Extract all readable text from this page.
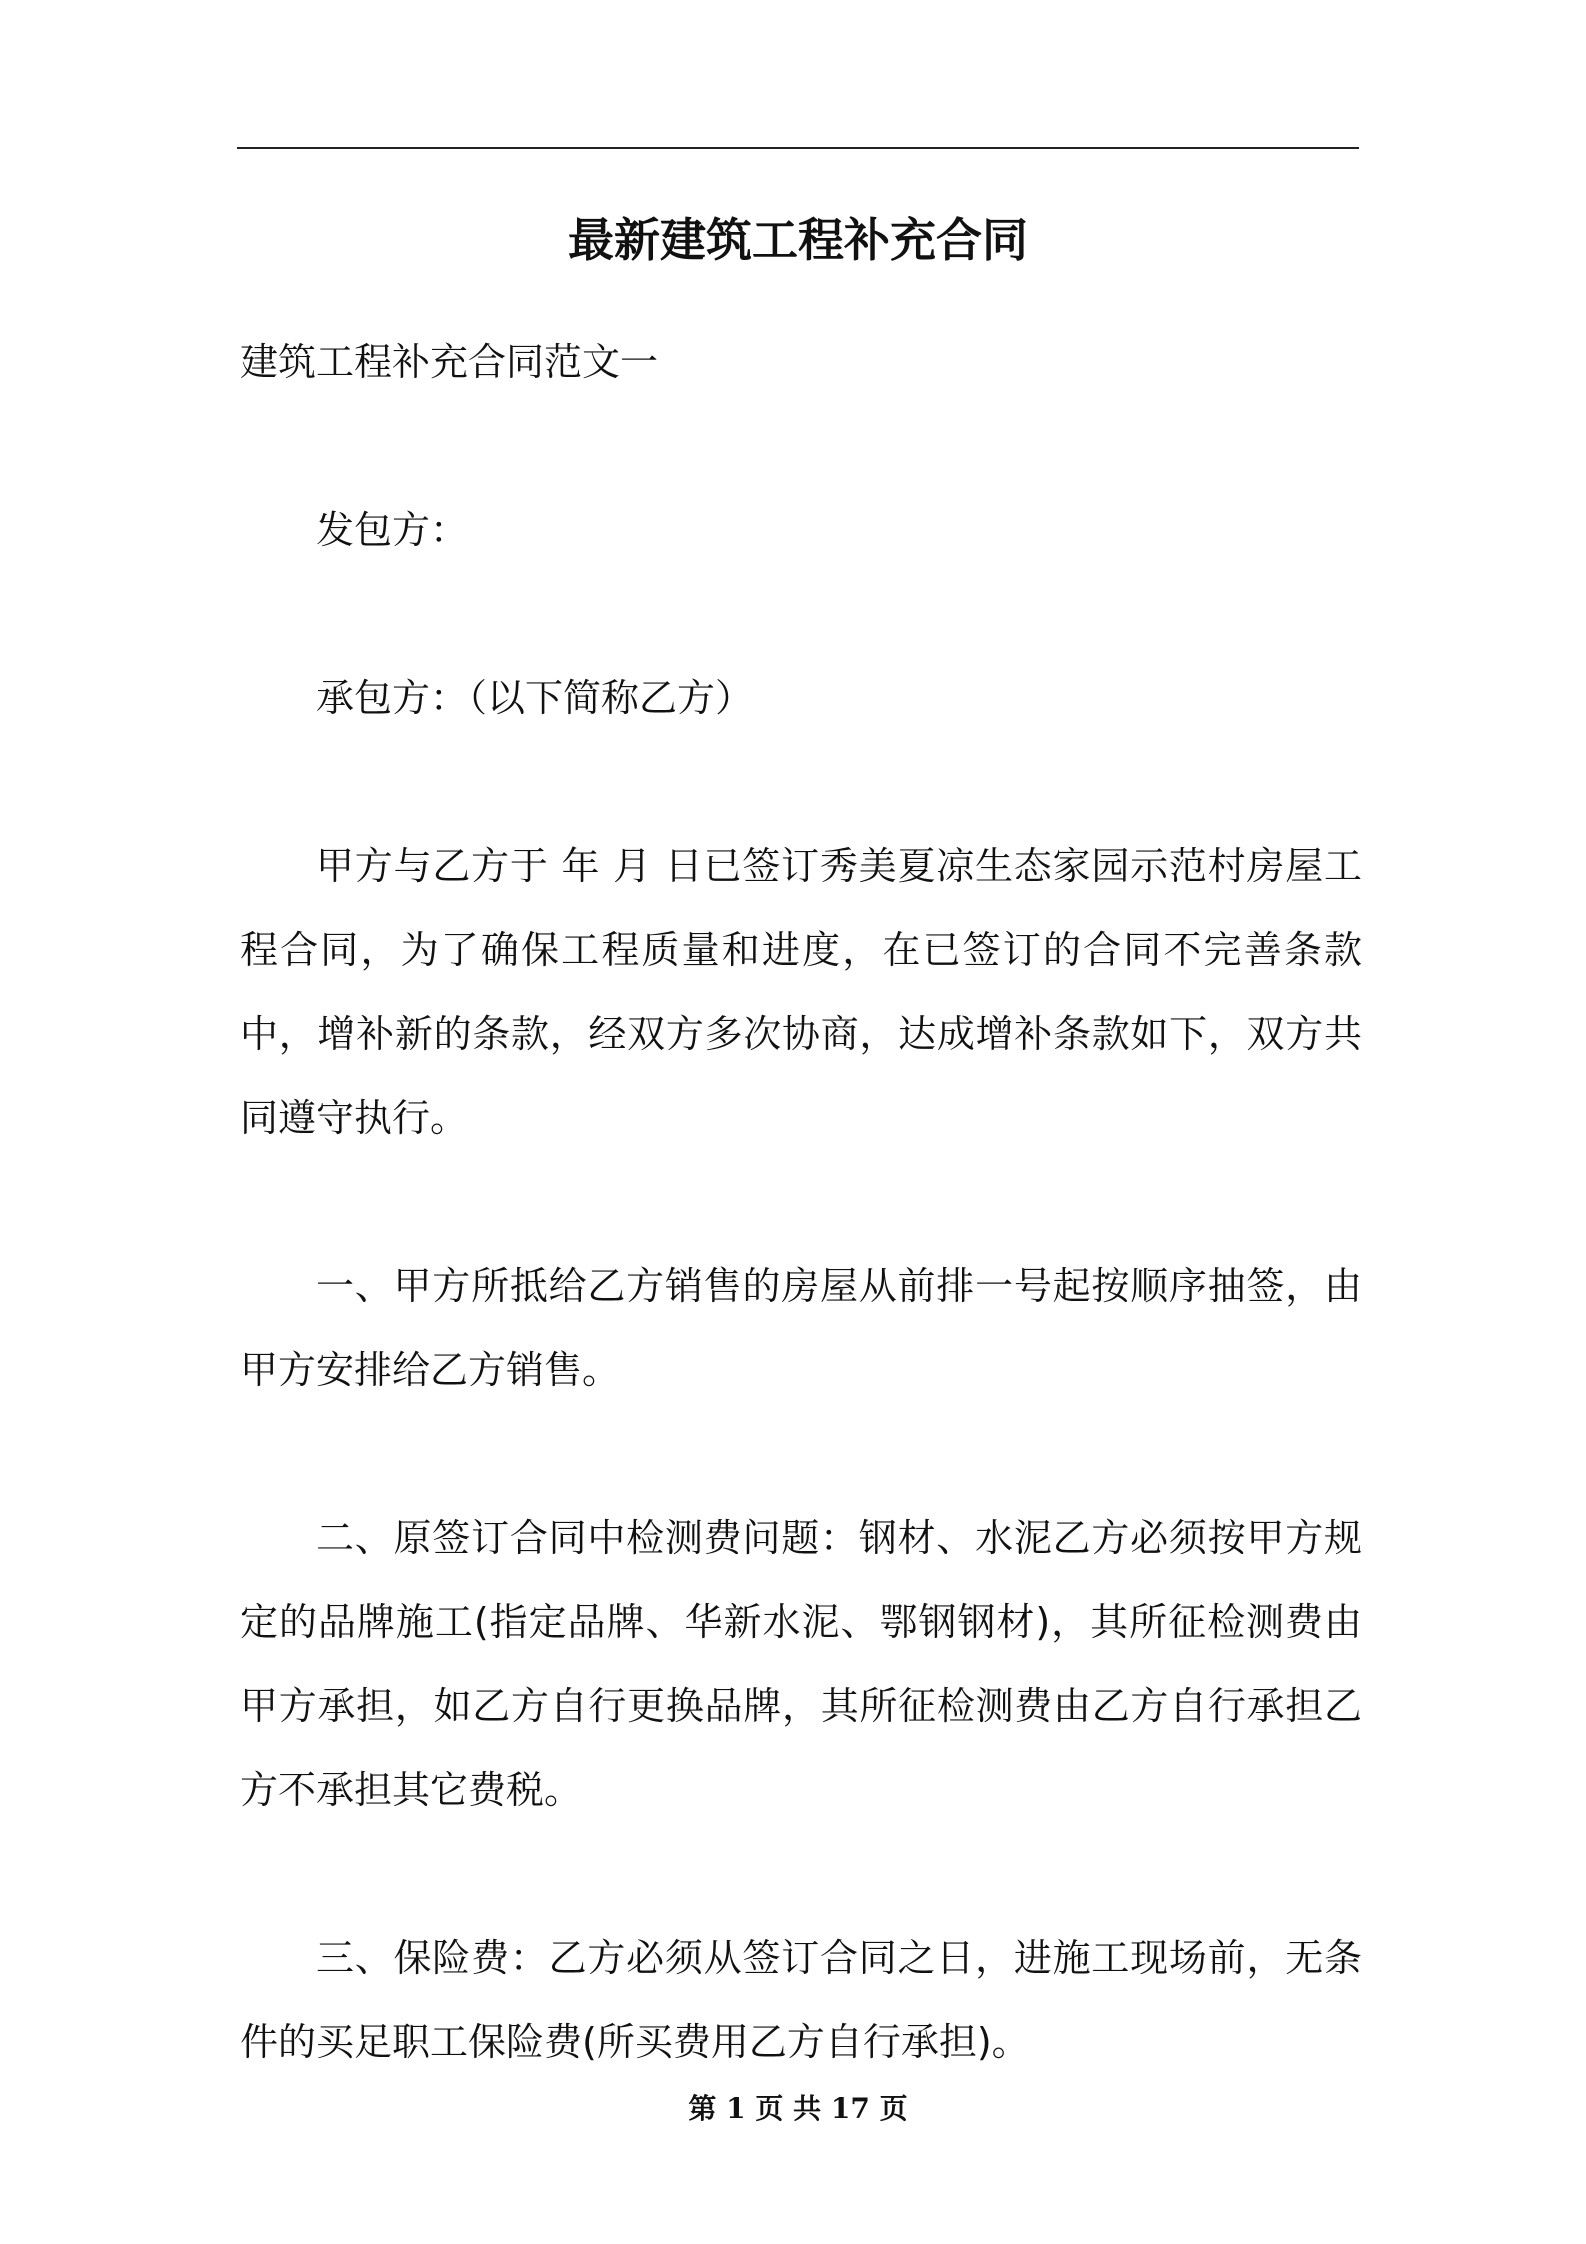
最新建筑工程补充合同

建筑工程补充合同范文一

发包方：

承包方：（以下简称乙方）

甲方与乙方于 年 月 日已签订秀美夏凉生态家园示范村房屋工程合同，为了确保工程质量和进度，在已签订的合同不完善条款中，增补新的条款，经双方多次协商，达成增补条款如下，双方共同遵守执行。

一、甲方所抵给乙方销售的房屋从前排一号起按顺序抽签，由甲方安排给乙方销售。

二、原签订合同中检测费问题：钢材、水泥乙方必须按甲方规定的品牌施工(指定品牌、华新水泥、鄂钢钢材)，其所征检测费由甲方承担，如乙方自行更换品牌，其所征检测费由乙方自行承担乙方不承担其它费税。

三、保险费：乙方必须从签订合同之日，进施工现场前，无条件的买足职工保险费(所买费用乙方自行承担)。

第 1 页 共 17 页
